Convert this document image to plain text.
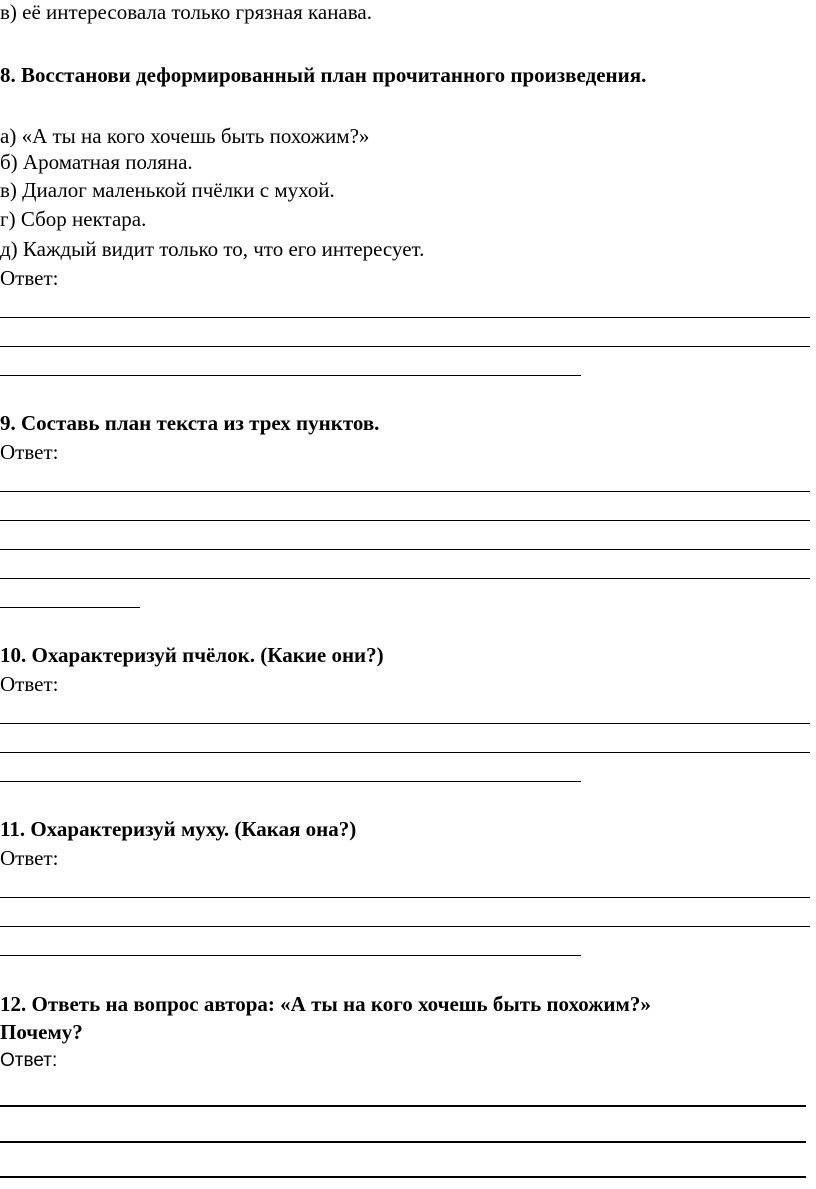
в) её интересовала только грязная канава.
8. Восстанови деформированный план прочитанного произведения.
а) «А ты на кого хочешь быть похожим?»
б) Ароматная поляна.
в) Диалог маленькой пчёлки с мухой.
г) Сбор нектара.
д) Каждый видит только то, что его интересует.
Ответ:
9. Составь план текста из трех пунктов.
Ответ:
10. Охарактеризуй пчёлок. (Какие они?)
Ответ:
11. Охарактеризуй муху. (Какая она?)
Ответ:
12. Ответь на вопрос автора: «А ты на кого хочешь быть похожим?»
Почему?
Ответ:
